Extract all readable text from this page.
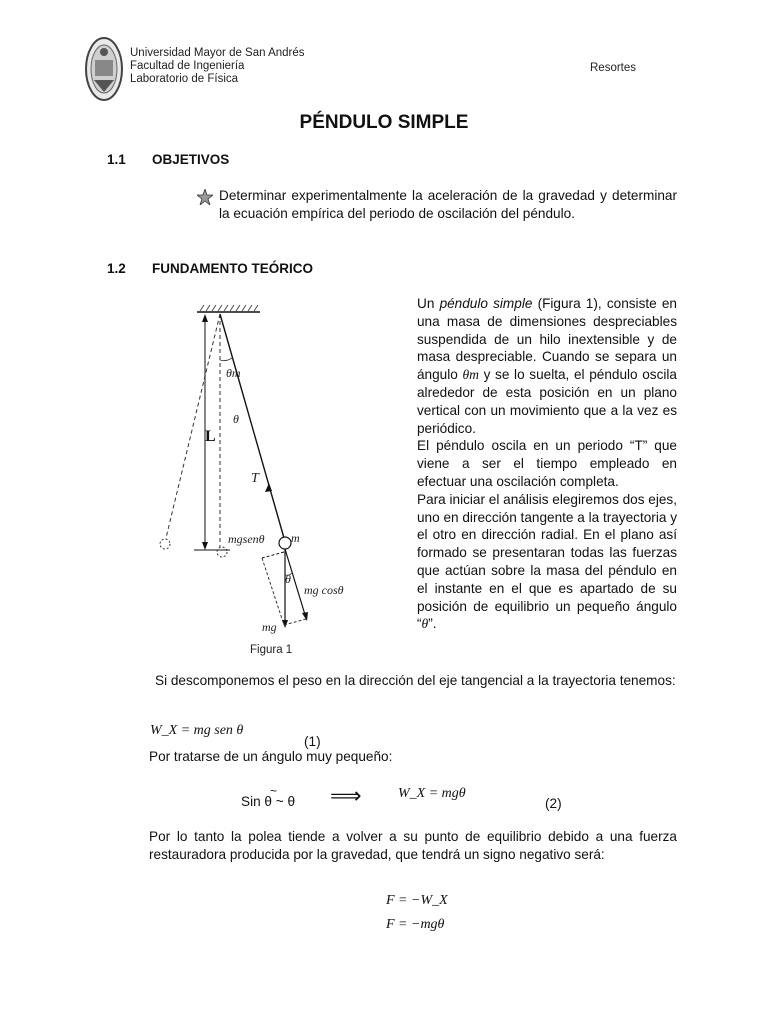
Universidad Mayor de San Andrés
Facultad de Ingeniería
Laboratorio de Física
Resortes
PÉNDULO SIMPLE
1.1 OBJETIVOS
Determinar experimentalmente la aceleración de la gravedad y determinar la ecuación empírica del periodo de oscilación del péndulo.
1.2 FUNDAMENTO TEÓRICO
L
θm
θ
T
m
mgsenθ
mg cosθ
θ
mg
Figura 1
Un péndulo simple (Figura 1), consiste en una masa de dimensiones despreciables suspendida de un hilo inextensible y de masa despreciable. Cuando se separa un ángulo θm y se lo suelta, el péndulo oscila alrededor de esta posición en un plano vertical con un movimiento que a la vez es periódico.
El péndulo oscila en un periodo “T” que viene a ser el tiempo empleado en efectuar una oscilación completa.
Para iniciar el análisis elegiremos dos ejes, uno en dirección tangente a la trayectoria y el otro en dirección radial. En el plano así formado se presentaran todas las fuerzas que actúan sobre la masa del péndulo en el instante en el que es apartado de su posición de equilibrio un pequeño ángulo “θ”.
Si descomponemos el peso en la dirección del eje tangencial a la trayectoria tenemos:
W_X = mg sen θ
(1)
Por tratarse de un ángulo muy pequeño:
Sin θ ~ θ
~ ⟹	W_X = mgθ
(2)
Por lo tanto la polea tiende a volver a su punto de equilibrio debido a una fuerza restauradora producida por la gravedad, que tendrá un signo negativo será:
F = −W_X
F = −mgθ
